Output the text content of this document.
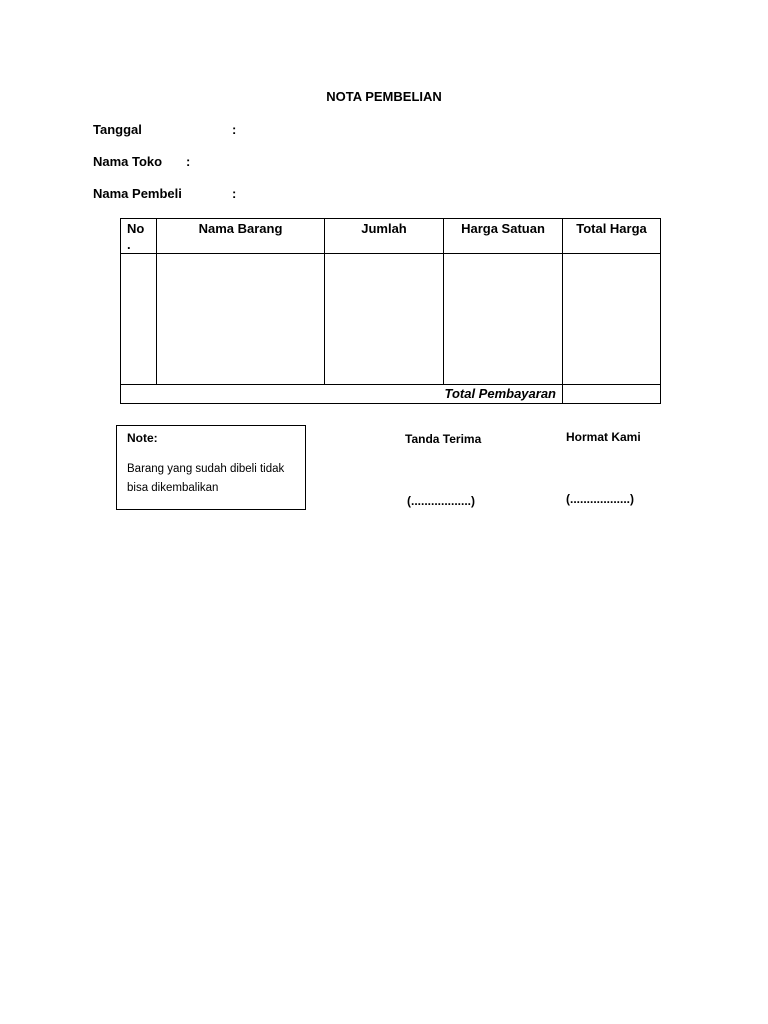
NOTA PEMBELIAN
Tanggal	:
Nama Toko :
Nama Pembeli	:
No
.	Nama Barang	Jumlah	Harga Satuan	Total Harga

Total Pembayaran				
Note:
Barang yang sudah dibeli tidak bisa dikembalikan
Tanda Terima
(..................)
Hormat Kami
(..................)
